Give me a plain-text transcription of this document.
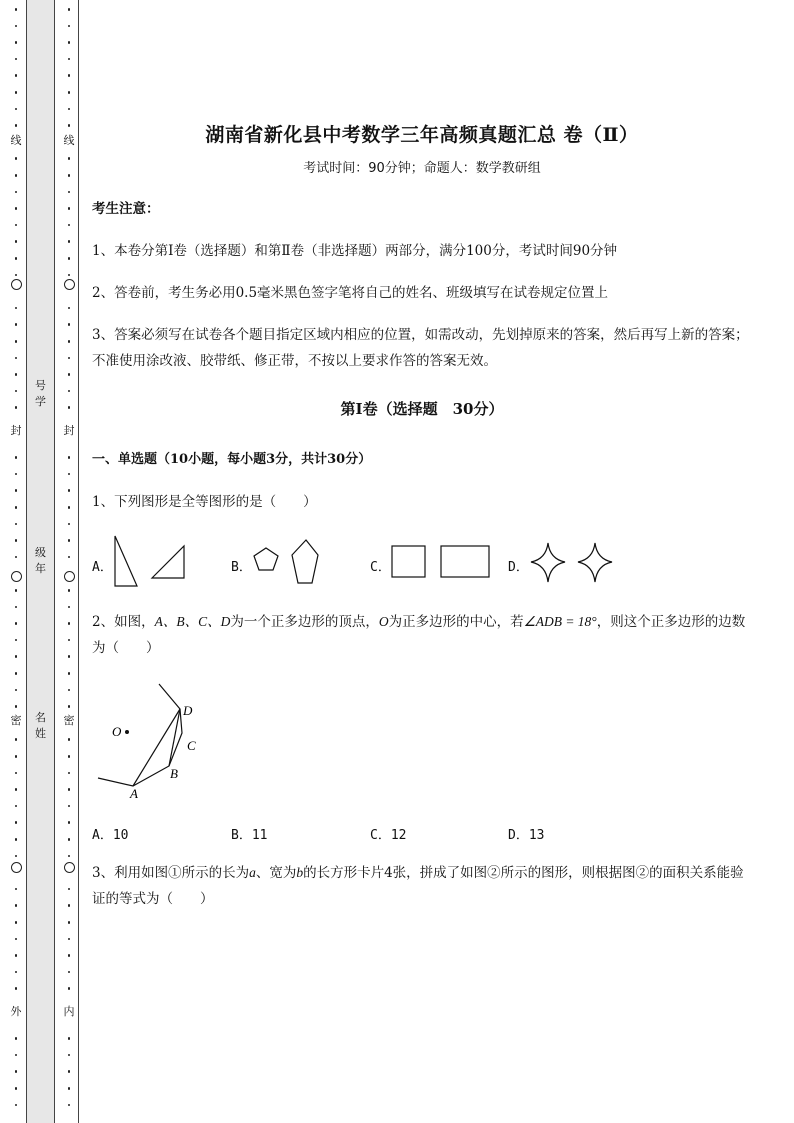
线
封
密
外
号
学
级
年
名
姓
线
封
密
内
湖南省新化县中考数学三年高频真题汇总 卷（Ⅱ）
考试时间：90分钟；命题人：数学教研组
考生注意：
1、本卷分第I卷（选择题）和第Ⅱ卷（非选择题）两部分，满分100分，考试时间90分钟
2、答卷前，考生务必用0.5毫米黑色签字笔将自己的姓名、班级填写在试卷规定位置上
3、答案必须写在试卷各个题目指定区域内相应的位置，如需改动，先划掉原来的答案，然后再写上新的答案；不准使用涂改液、胶带纸、修正带，不按以上要求作答的答案无效。
第I卷（选择题　30分）
一、单选题（10小题，每小题3分，共计30分）
1、下列图形是全等图形的是（　　）
A．	B．	C．	D．
2、如图，A、B、C、D为一个正多边形的顶点，O为正多边形的中心，若∠ADB = 18°，则这个正多边形的边数为（　　）
O
D
C
B
A
A．10	B．11	C．12	D．13
3、利用如图①所示的长为a、宽为b的长方形卡片4张，拼成了如图②所示的图形，则根据图②的面积关系能验证的等式为（　　）
